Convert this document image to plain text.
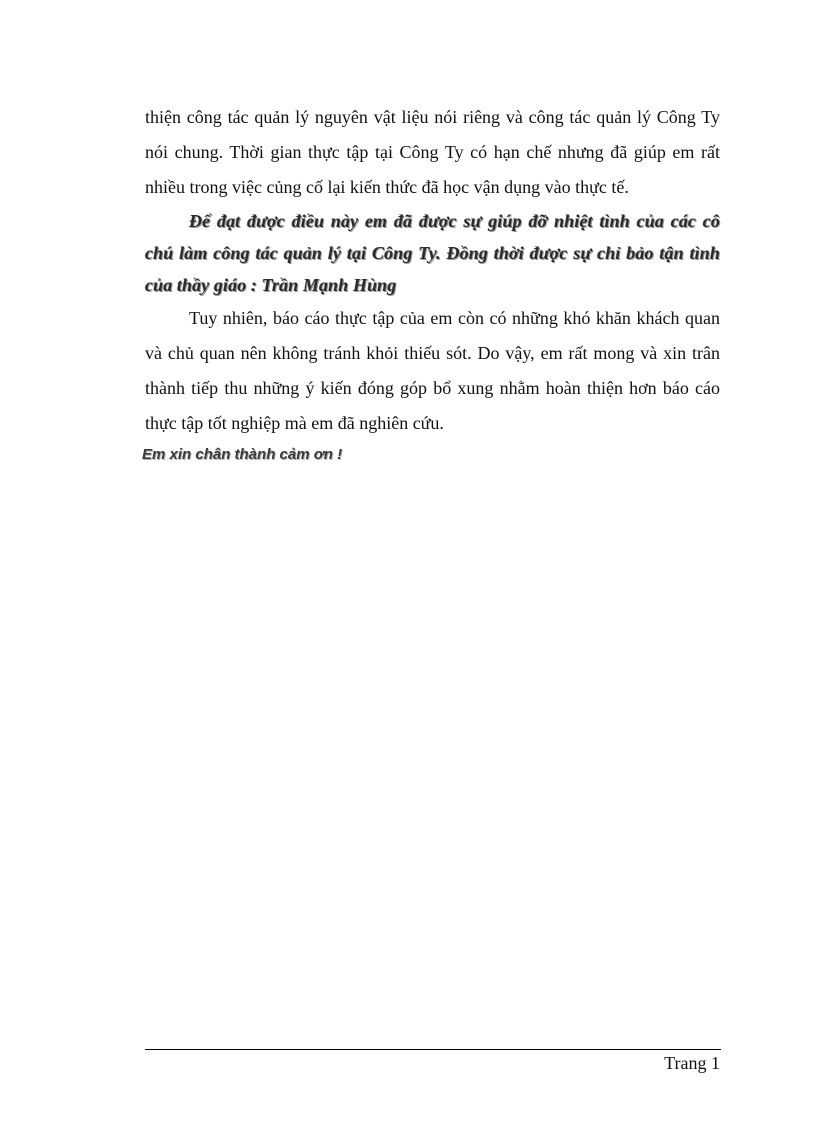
thiện công tác quản lý nguyên vật liệu nói riêng và công tác quản lý Công Ty nói chung. Thời gian thực tập tại Công Ty có hạn chế nhưng đã giúp em rất nhiều trong việc củng cố lại kiến thức đã học vận dụng vào thực tế.

Để đạt được điều này em đã được sự giúp đỡ nhiệt tình của các cô chú làm công tác quản lý tại Công Ty. Đồng thời được sự chỉ bảo tận tình của thầy giáo : Trần Mạnh Hùng

Tuy nhiên, báo cáo thực tập của em còn có những khó khăn khách quan và chủ quan nên không tránh khỏi thiếu sót. Do vậy, em rất mong và xin trân thành tiếp thu những ý kiến đóng góp bổ xung nhằm hoàn thiện hơn báo cáo thực tập tốt nghiệp mà em đã nghiên cứu.

Em xin chân thành cảm ơn !

Trang 1
